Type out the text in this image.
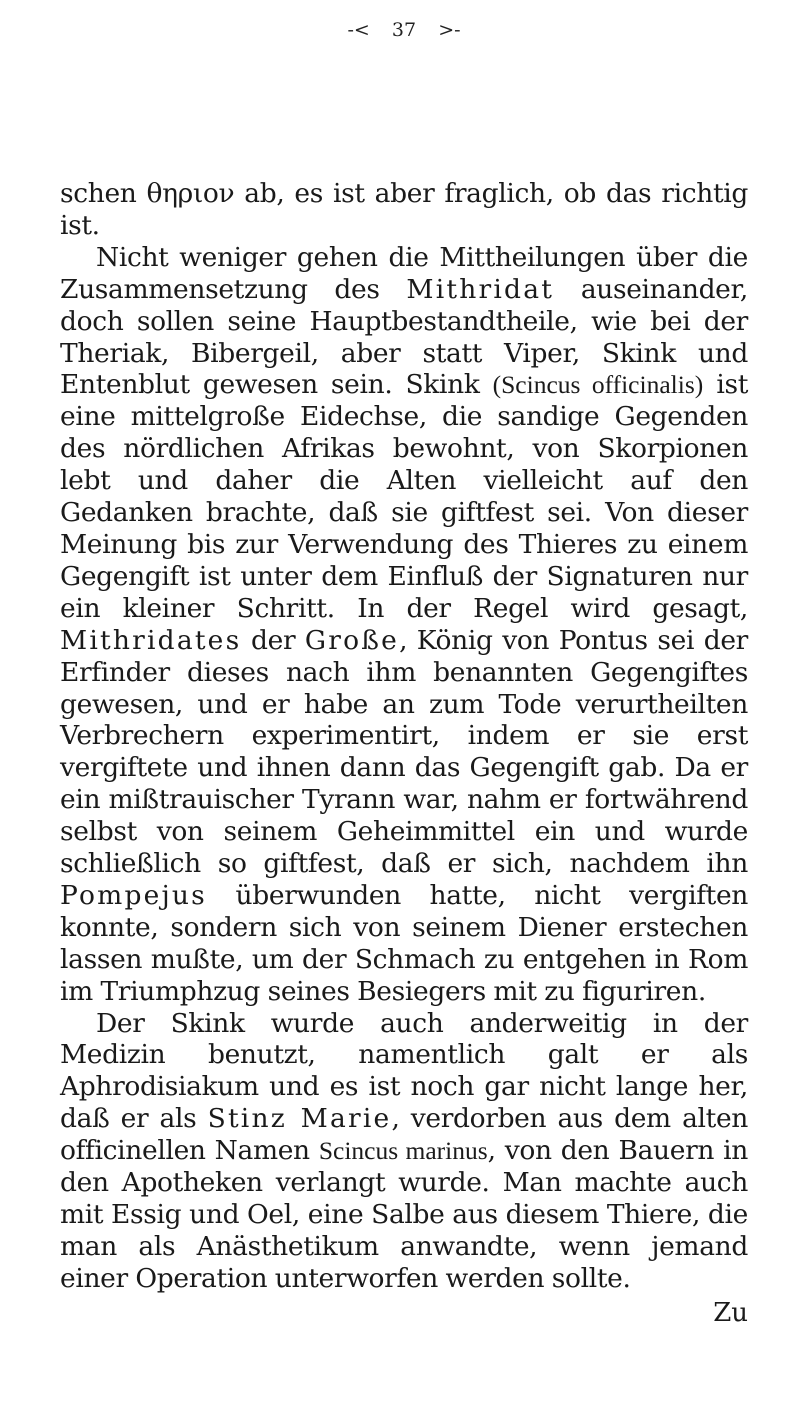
-< 37 >-

schen θηριον ab, es ist aber fraglich, ob das richtig ist.

Nicht weniger gehen die Mittheilungen über die Zusammensetzung des Mithridat auseinander, doch sollen seine Hauptbestandtheile, wie bei der Theriak, Bibergeil, aber statt Viper, Skink und Entenblut gewesen sein. Skink (Scincus officinalis) ist eine mittelgroße Eidechse, die sandige Gegenden des nördlichen Afrikas bewohnt, von Skorpionen lebt und daher die Alten vielleicht auf den Gedanken brachte, daß sie giftfest sei. Von dieser Meinung bis zur Verwendung des Thieres zu einem Gegengift ist unter dem Einfluß der Signaturen nur ein kleiner Schritt. In der Regel wird gesagt, Mithridates der Große, König von Pontus sei der Erfinder dieses nach ihm benannten Gegengiftes gewesen, und er habe an zum Tode verurtheilten Verbrechern experimentirt, indem er sie erst vergiftete und ihnen dann das Gegengift gab. Da er ein mißtrauischer Tyrann war, nahm er fortwährend selbst von seinem Geheimmittel ein und wurde schließlich so giftfest, daß er sich, nachdem ihn Pompejus überwunden hatte, nicht vergiften konnte, sondern sich von seinem Diener erstechen lassen mußte, um der Schmach zu entgehen in Rom im Triumphzug seines Besiegers mit zu figuriren.

Der Skink wurde auch anderweitig in der Medizin benutzt, namentlich galt er als Aphrodisiakum und es ist noch gar nicht lange her, daß er als Stinz Marie, verdorben aus dem alten officinellen Namen Scincus marinus, von den Bauern in den Apotheken verlangt wurde. Man machte auch mit Essig und Oel, eine Salbe aus diesem Thiere, die man als Anästhetikum anwandte, wenn jemand einer Operation unterworfen werden sollte.

Zu
